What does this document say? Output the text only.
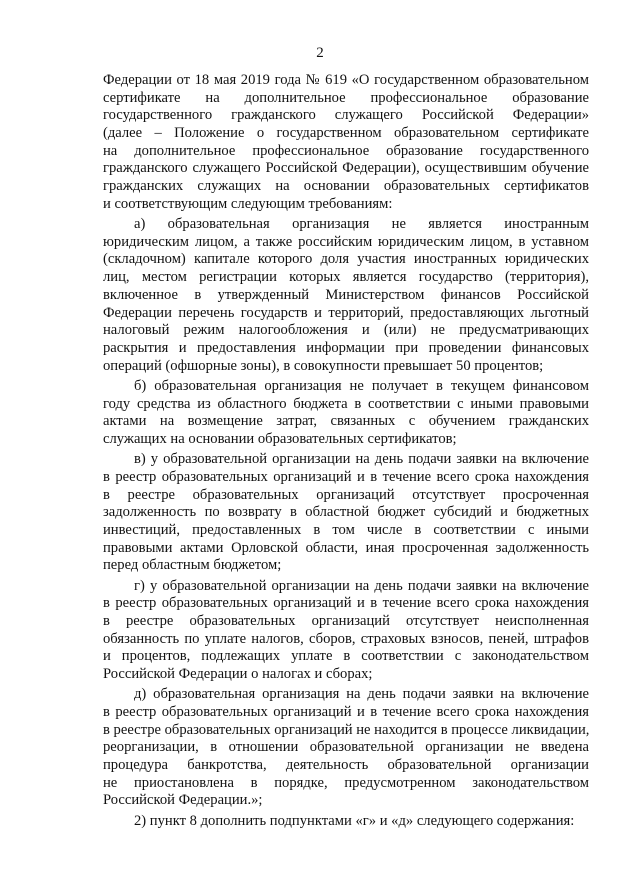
2
Федерации от 18 мая 2019 года № 619 «О государственном образовательном
сертификате на дополнительное профессиональное образование
государственного гражданского служащего Российской Федерации»
(далее – Положение о государственном образовательном сертификате
на дополнительное профессиональное образование государственного
гражданского служащего Российской Федерации), осуществившим обучение
гражданских служащих на основании образовательных сертификатов
и соответствующим следующим требованиям:
а) образовательная организация не является иностранным
юридическим лицом, а также российским юридическим лицом, в уставном
(складочном) капитале которого доля участия иностранных юридических
лиц, местом регистрации которых является государство (территория),
включенное в утвержденный Министерством финансов Российской
Федерации перечень государств и территорий, предоставляющих льготный
налоговый режим налогообложения и (или) не предусматривающих
раскрытия и предоставления информации при проведении финансовых
операций (офшорные зоны), в совокупности превышает 50 процентов;
б) образовательная организация не получает в текущем финансовом
году средства из областного бюджета в соответствии с иными правовыми
актами на возмещение затрат, связанных с обучением гражданских
служащих на основании образовательных сертификатов;
в) у образовательной организации на день подачи заявки на включение
в реестр образовательных организаций и в течение всего срока нахождения
в реестре образовательных организаций отсутствует просроченная
задолженность по возврату в областной бюджет субсидий и бюджетных
инвестиций, предоставленных в том числе в соответствии с иными
правовыми актами Орловской области, иная просроченная задолженность
перед областным бюджетом;
г) у образовательной организации на день подачи заявки на включение
в реестр образовательных организаций и в течение всего срока нахождения
в реестре образовательных организаций отсутствует неисполненная
обязанность по уплате налогов, сборов, страховых взносов, пеней, штрафов
и процентов, подлежащих уплате в соответствии с законодательством
Российской Федерации о налогах и сборах;
д) образовательная организация на день подачи заявки на включение
в реестр образовательных организаций и в течение всего срока нахождения
в реестре образовательных организаций не находится в процессе ликвидации,
реорганизации, в отношении образовательной организации не введена
процедура банкротства, деятельность образовательной организации
не приостановлена в порядке, предусмотренном законодательством
Российской Федерации.»;
2) пункт 8 дополнить подпунктами «г» и «д» следующего содержания:
